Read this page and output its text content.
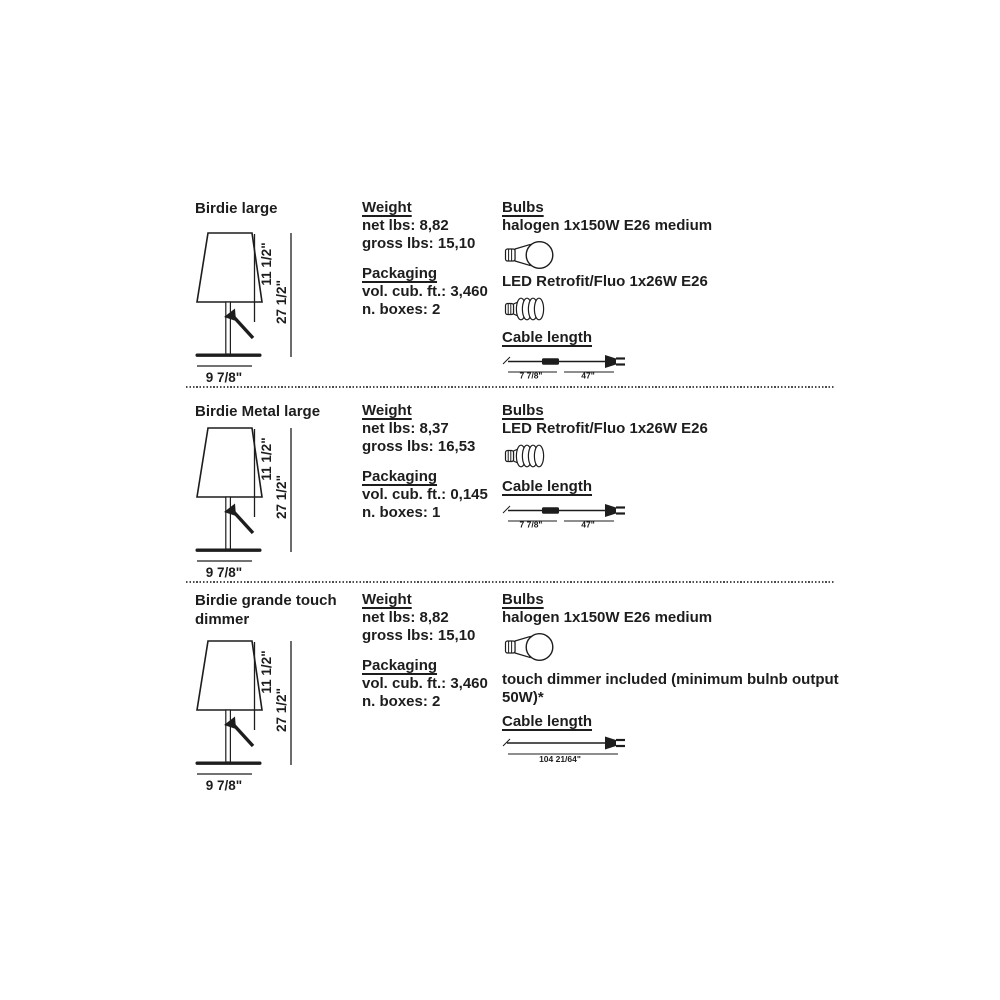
Birdie large
9 7/8"
11 1/2"
27 1/2"
Weight
net lbs: 8,82
gross lbs: 15,10
Packaging
vol. cub. ft.: 3,460
n. boxes: 2
Bulbs
halogen 1x150W E26 medium
LED Retrofit/Fluo 1x26W E26
Cable length
7 7/8"	47"
Birdie Metal large
9 7/8"
11 1/2"
27 1/2"
Weight
net lbs: 8,37
gross lbs: 16,53
Packaging
vol. cub. ft.: 0,145
n. boxes: 1
Bulbs
LED Retrofit/Fluo 1x26W E26
Cable length
7 7/8"	47"
Birdie grande touch dimmer
9 7/8"
11 1/2"
27 1/2"
Weight
net lbs: 8,82
gross lbs: 15,10
Packaging
vol. cub. ft.: 3,460
n. boxes: 2
Bulbs
halogen 1x150W E26 medium
touch dimmer included (minimum bulnb output 50W)*
Cable length
104 21/64"
